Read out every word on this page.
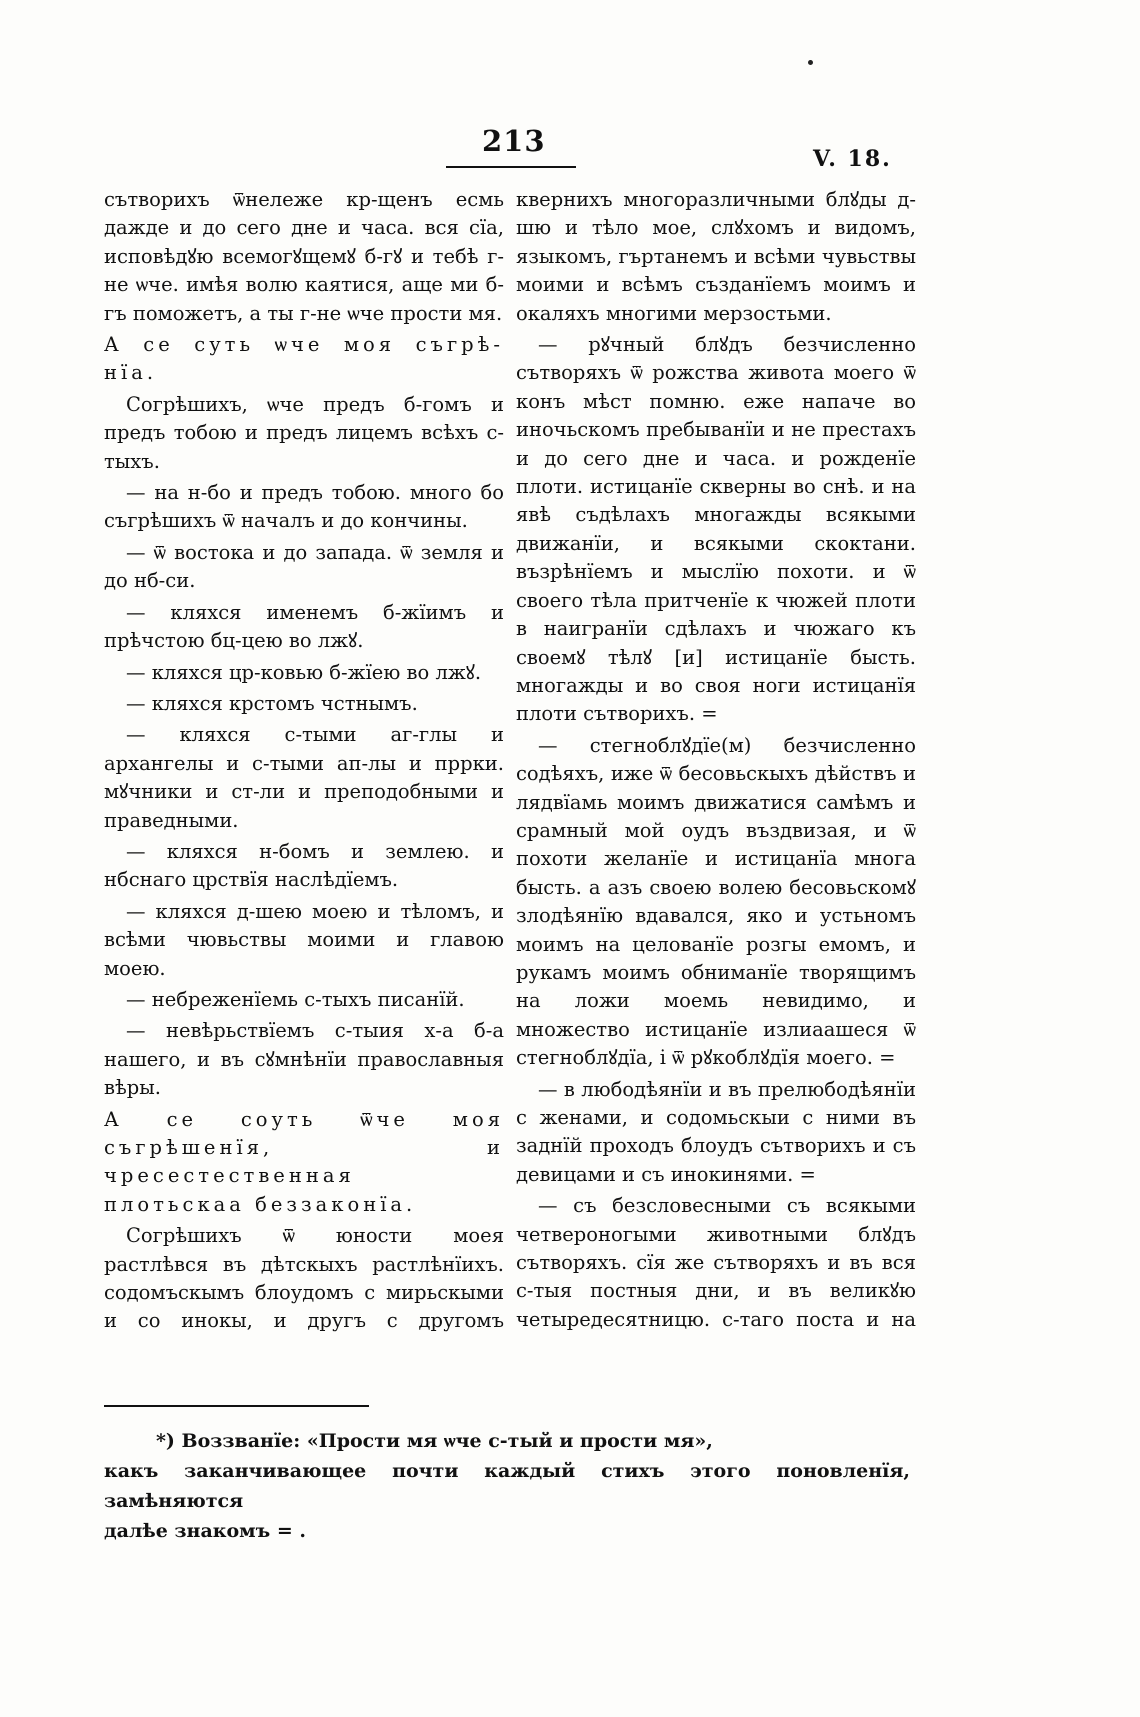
213
V. 18.

сътворихъ ѿнележе кр-щенъ есмь дажде и до сего дне и часа. вся сїа, исповѣдꙋю всемогꙋщемꙋ б-гꙋ и тебѣ г-не ѡче. имѣя волю каятися, аще ми б-гъ поможетъ, а ты г-не ѡче прости мя.

А се суть ѡче моя съгрѣ-нїа.

Согрѣшихъ, ѡче предъ б-гомъ и предъ тобою и предъ лицемъ всѣхъ с-тыхъ.

— на н-бо и предъ тобою. много бо съгрѣшихъ ѿ началъ и до кончины.

— ѿ востока и до запада. ѿ земля и до нб-си.

— кляхся именемъ б-жїимъ и прѣчстою бц-цею во лжꙋ.

— кляхся цр-ковью б-жїею во лжꙋ.

— кляхся крстомъ чстнымъ.

— кляхся с-тыми аг-глы и архангелы и с-тыми ап-лы и пррки. мꙋчники и ст-ли и преподобными и праведными.

— кляхся н-бомъ и землею. и нбснаго црствїя наслѣдїемъ.

— кляхся д-шею моею и тѣломъ, и всѣми чювьствы моими и главою моею.

— небреженїемь с-тыхъ писанїй.

— невѣрьствїемъ с-тыия х-а б-а нашего, и въ сꙋмнѣнїи православныя вѣры.

А се соуть ѿче моя съгрѣшенїя, и чресестественная плотьскаа беззаконїа.

Согрѣшихъ ѿ юности моея растлѣвся въ дѣтскыхъ растлѣнїихъ. содомъскымъ блоудомъ с мирьскыми и со инокы, и другъ с другомъ

кверниxъ многоразличными блꙋды д-шю и тѣло мое, слꙋхомъ и видомъ, языкомъ, гъртанемъ и всѣми чувьствы моими и всѣмъ създанїемъ моимъ и окаляхъ многими мерзостьми.

— рꙋчный блꙋдъ безчисленно сътворяхъ ѿ рожства живота моего ѿ конъ мѣст помню. еже напаче во иночьскомъ пребыванїи и не престахъ и до сего дне и часа. и рожденїе плоти. истицанїе скверны во снѣ. и на явѣ съдѣлахъ многажды всякыми движанїи, и всякыми скоктани. възрѣнїемъ и мыслїю похоти. и ѿ своего тѣла притченїе к чюжей плоти в наигранїи сдѣлахъ и чюжаго къ своемꙋ тѣлꙋ [и] истицанїе бысть. многажды и во своя ноги истицанїя плоти сътворихъ. =

— стегноблꙋдїе(м) безчисленно содѣяхъ, иже ѿ бесовьскыхъ дѣйствъ и лядвїамь моимъ движатися самѣмъ и срамный мой оудъ въздвизая, и ѿ похоти желанїе и истицанїа многа бысть. а азъ своею волею бесовьскомꙋ злодѣянїю вдавался, яко и устьномъ моимъ на целованїе розгы емомъ, и рукамъ моимъ обниманїе творящимъ на ложи моемь невидимо, и множество истицанїе излиаашеся ѿ стегноблꙋдїа, і ѿ рꙋкоблꙋдїя моего. =

— в любодѣянїи и въ прелюбодѣянїи с женами, и содомьскыи с ними въ заднїй проходъ блоудъ сътворихъ и съ девицами и съ инокинями. =

— съ безсловесными съ всякыми четвероногыми животными блꙋдъ сътворяхъ. сїя же сътворяхъ и въ вся с-тыя постныя дни, и въ великꙋю четыредесятницю. с-таго поста и на

*) Воззванїе: «Прости мя ѡче с-тый и прости мя»,
какъ заканчивающее почти каждый стихъ этого поновленїя, замѣняются
далѣе знакомъ = .
